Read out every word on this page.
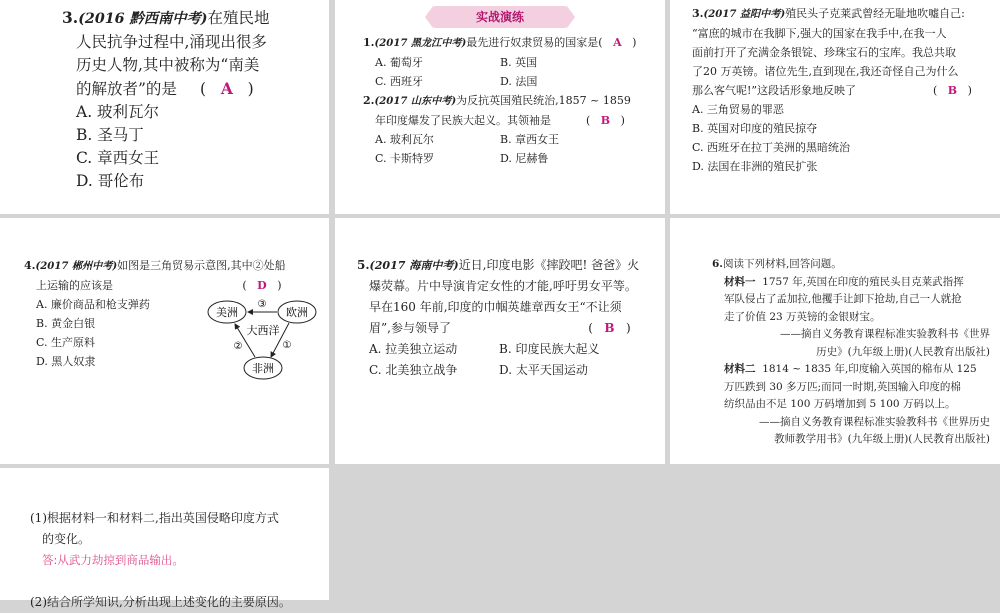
3.(2016 黔西南中考)在殖民地
人民抗争过程中,涌现出很多
历史人物,其中被称为“南美
的解放者”的是 ( A )
A. 玻利瓦尔
B. 圣马丁
C. 章西女王
D. 哥伦布
实战演练
1.(2017 黑龙江中考)最先进行奴隶贸易的国家是( A )
A. 葡萄牙	B. 英国
C. 西班牙	D. 法国
2.(2017 山东中考)为反抗英国殖民统治,1857 ~ 1859
年印度爆发了民族大起义。其领袖是	( B )
A. 玻利瓦尔	B. 章西女王
C. 卡斯特罗	D. 尼赫鲁
3.(2017 益阳中考)殖民头子克莱武曾经无耻地吹嘘自己:
“富庶的城市在我脚下,强大的国家在我手中,在我一人
面前打开了充满金条银锭、珍珠宝石的宝库。我总共取
了20 万英镑。诸位先生,直到现在,我还奇怪自己为什么
那么客气呢!”这段话形象地反映了	( B )
A. 三角贸易的罪恶
B. 英国对印度的殖民掠夺
C. 西班牙在拉丁美洲的黑暗统治
D. 法国在非洲的殖民扩张
4.(2017 郴州中考)如图是三角贸易示意图,其中②处船
上运输的应该是	( D )
A. 廉价商品和枪支弹药
B. 黄金白银
C. 生产原料
D. 黑人奴隶
美洲	欧洲
非洲
大西洋
③
①
②
5.(2017 海南中考)近日,印度电影《摔跤吧! 爸爸》火
爆荧幕。片中导演肯定女性的才能,呼吁男女平等。
早在160 年前,印度的巾帼英雄章西女王“不让须
眉”,参与领导了	( B )
A. 拉美独立运动	B. 印度民族大起义
C. 北美独立战争	D. 太平天国运动
6.阅读下列材料,回答问题。
材料一 1757 年,英国在印度的殖民头目克莱武指挥
军队侵占了孟加拉,他攫手让卸下抢劫,自己一人就抢
走了价值 23 万英镑的金银财宝。
——摘自义务教育课程标准实验教科书《世界
历史》(九年级上册)(人民教育出版社)
材料二 1814 ~ 1835 年,印度输入英国的棉布从 125
万匹跌到 30 多万匹;而同一时期,英国输入印度的棉
纺织品由不足 100 万码增加到 5 100 万码以上。
——摘自义务教育课程标准实验教科书《世界历史
教师教学用书》(九年级上册)(人民教育出版社)
(1)根据材料一和材料二,指出英国侵略印度方式
的变化。
答:从武力劫掠到商品输出。
(2)结合所学知识,分析出现上述变化的主要原因。
